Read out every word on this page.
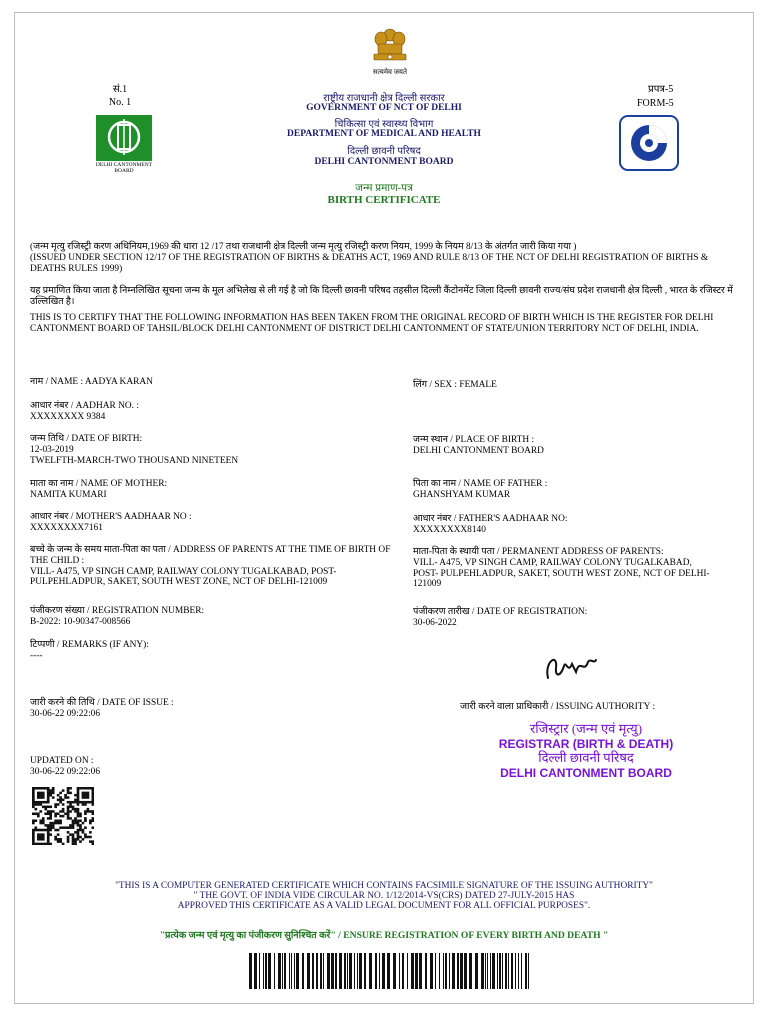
सत्यमेव जयते
सं.1
No. 1
DELHI CANTONMENT BOARD
प्रपत्र-5
FORM-5
राष्ट्रीय राजधानी क्षेत्र दिल्ली सरकार
GOVERNMENT OF NCT OF DELHI
चिकित्सा एवं स्वास्थ्य विभाग
DEPARTMENT OF MEDICAL AND HEALTH
दिल्ली छावनी परिषद
DELHI CANTONMENT BOARD
जन्म प्रमाण-पत्र
BIRTH CERTIFICATE
(जन्म मृत्यु रजिस्ट्री करण अधिनियम,1969 की धारा 12 /17 तथा राजधानी क्षेत्र दिल्ली जन्म मृत्यु रजिस्ट्री करण नियम, 1999 के नियम 8/13 के अंतर्गत जारी किया गया )
(ISSUED UNDER SECTION 12/17 OF THE REGISTRATION OF BIRTHS & DEATHS ACT, 1969 AND RULE 8/13 OF THE NCT OF DELHI REGISTRATION OF BIRTHS & DEATHS RULES 1999)
यह प्रमाणित किया जाता है निम्नलिखित सूचना जन्म के मूल अभिलेख से ली गई है जो कि दिल्ली छावनी परिषद तहसील दिल्ली कैंटोनमेंट जिला दिल्ली छावनी राज्य/संघ प्रदेश राजधानी क्षेत्र दिल्ली , भारत के रजिस्टर में उल्लिखित है।
THIS IS TO CERTIFY THAT THE FOLLOWING INFORMATION HAS BEEN TAKEN FROM THE ORIGINAL RECORD OF BIRTH WHICH IS THE REGISTER FOR DELHI CANTONMENT BOARD OF TAHSIL/BLOCK DELHI CANTONMENT OF DISTRICT DELHI CANTONMENT OF STATE/UNION TERRITORY NCT OF DELHI, INDIA.
नाम / NAME : AADYA KARAN
आधार नंबर / AADHAR NO. :
XXXXXXXX 9384
जन्म तिथि / DATE OF BIRTH:
12-03-2019
TWELFTH-MARCH-TWO THOUSAND NINETEEN
माता का नाम / NAME OF MOTHER:
NAMITA KUMARI
आधार नंबर / MOTHER'S AADHAAR NO :
XXXXXXXX7161
बच्चे के जन्म के समय माता-पिता का पता / ADDRESS OF PARENTS AT THE TIME OF BIRTH OF THE CHILD :
VILL- A475, VP SINGH CAMP, RAILWAY COLONY TUGALKABAD, POST- PULPEHLADPUR, SAKET, SOUTH WEST ZONE, NCT OF DELHI-121009
पंजीकरण संख्या / REGISTRATION NUMBER:
B-2022: 10-90347-008566
टिप्पणी / REMARKS (IF ANY):
----
जारी करने की तिथि / DATE OF ISSUE :
30-06-22 09:22:06
UPDATED ON :
30-06-22 09:22:06
लिंग / SEX : FEMALE
जन्म स्थान / PLACE OF BIRTH :
DELHI CANTONMENT BOARD
पिता का नाम / NAME OF FATHER :
GHANSHYAM KUMAR
आधार नंबर / FATHER'S AADHAAR NO:
XXXXXXXX8140
माता-पिता के स्थायी पता / PERMANENT ADDRESS OF PARENTS:
VILL- A475, VP SINGH CAMP, RAILWAY COLONY TUGALKABAD, POST- PULPEHLADPUR, SAKET, SOUTH WEST ZONE, NCT OF DELHI-121009
पंजीकरण तारीख / DATE OF REGISTRATION:
30-06-2022
जारी करने वाला प्राधिकारी / ISSUING AUTHORITY :
रजिस्ट्रार (जन्म एवं मृत्यु)
REGISTRAR (BIRTH & DEATH)
दिल्ली छावनी परिषद
DELHI CANTONMENT BOARD
"THIS IS A COMPUTER GENERATED CERTIFICATE WHICH CONTAINS FACSIMILE SIGNATURE OF THE ISSUING AUTHORITY"
" THE GOVT. OF INDIA VIDE CIRCULAR NO. 1/12/2014-VS(CRS) DATED 27-JULY-2015 HAS
APPROVED THIS CERTIFICATE AS A VALID LEGAL DOCUMENT FOR ALL OFFICIAL PURPOSES".
"प्रत्येक जन्म एवं मृत्यु का पंजीकरण सुनिश्चित करें" / ENSURE REGISTRATION OF EVERY BIRTH AND DEATH "
